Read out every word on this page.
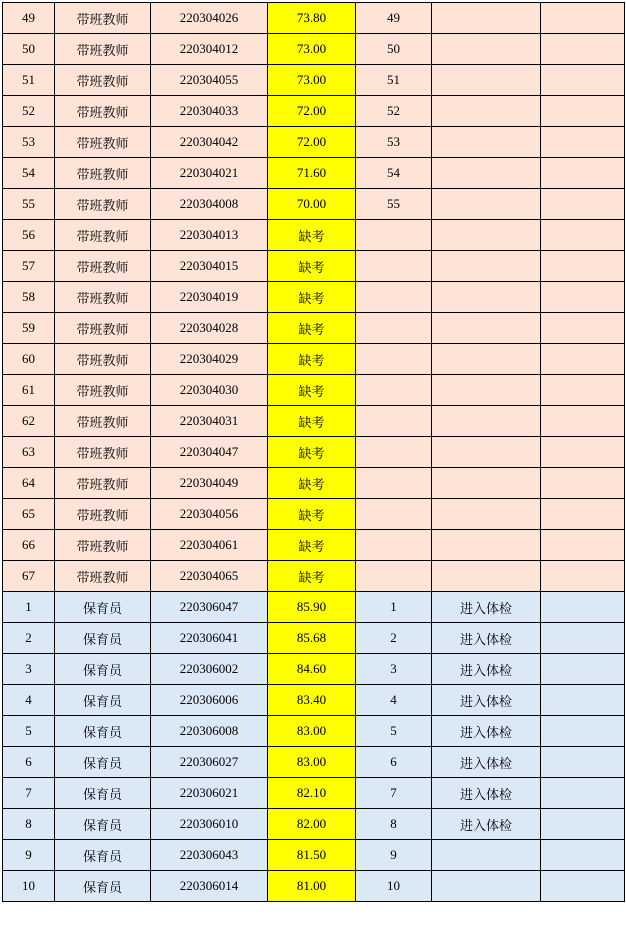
49	带班教师	220304026	73.80	49		
50	带班教师	220304012	73.00	50		
51	带班教师	220304055	73.00	51		
52	带班教师	220304033	72.00	52		
53	带班教师	220304042	72.00	53		
54	带班教师	220304021	71.60	54		
55	带班教师	220304008	70.00	55		
56	带班教师	220304013	缺考			
57	带班教师	220304015	缺考			
58	带班教师	220304019	缺考			
59	带班教师	220304028	缺考			
60	带班教师	220304029	缺考			
61	带班教师	220304030	缺考			
62	带班教师	220304031	缺考			
63	带班教师	220304047	缺考			
64	带班教师	220304049	缺考			
65	带班教师	220304056	缺考			
66	带班教师	220304061	缺考			
67	带班教师	220304065	缺考			
1	保育员	220306047	85.90	1	进入体检	
2	保育员	220306041	85.68	2	进入体检	
3	保育员	220306002	84.60	3	进入体检	
4	保育员	220306006	83.40	4	进入体检	
5	保育员	220306008	83.00	5	进入体检	
6	保育员	220306027	83.00	6	进入体检	
7	保育员	220306021	82.10	7	进入体检	
8	保育员	220306010	82.00	8	进入体检	
9	保育员	220306043	81.50	9		
10	保育员	220306014	81.00	10		
